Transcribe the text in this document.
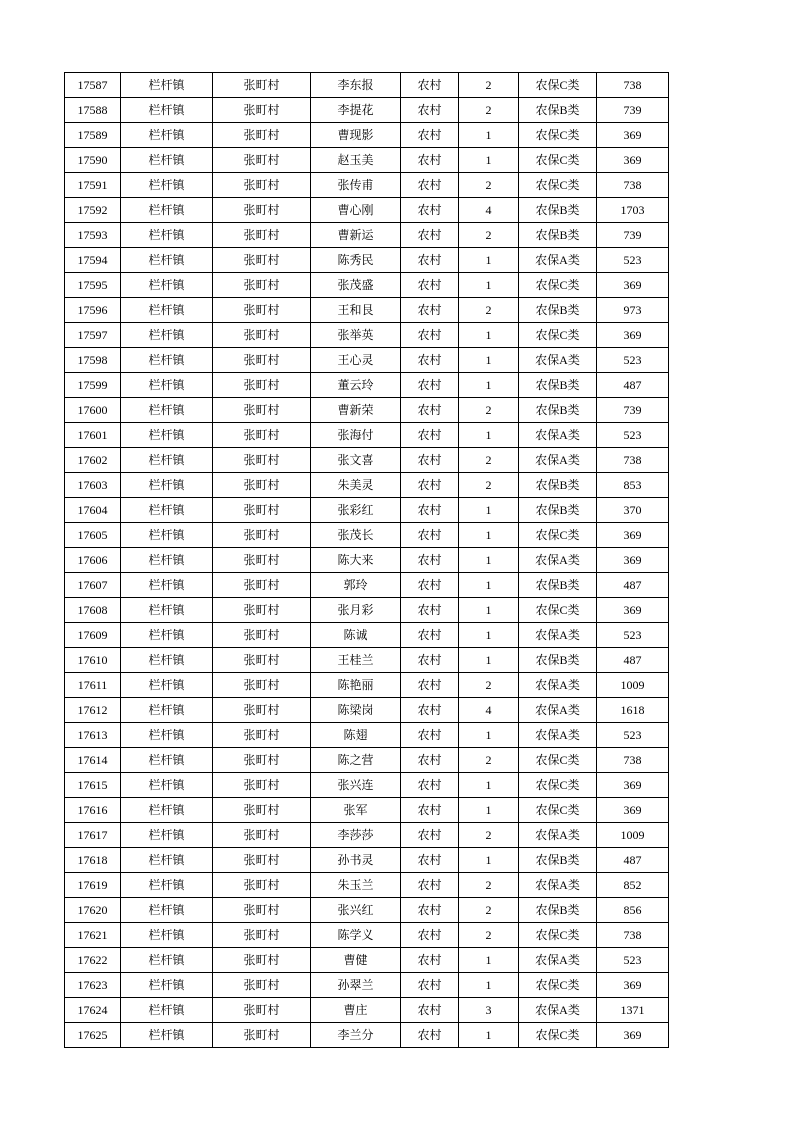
17587	栏杆镇	张町村	李东报	农村	2	农保C类	738
17588	栏杆镇	张町村	李提花	农村	2	农保B类	739
17589	栏杆镇	张町村	曹现影	农村	1	农保C类	369
17590	栏杆镇	张町村	赵玉美	农村	1	农保C类	369
17591	栏杆镇	张町村	张传甫	农村	2	农保C类	738
17592	栏杆镇	张町村	曹心刚	农村	4	农保B类	1703
17593	栏杆镇	张町村	曹新运	农村	2	农保B类	739
17594	栏杆镇	张町村	陈秀民	农村	1	农保A类	523
17595	栏杆镇	张町村	张茂盛	农村	1	农保C类	369
17596	栏杆镇	张町村	王和艮	农村	2	农保B类	973
17597	栏杆镇	张町村	张举英	农村	1	农保C类	369
17598	栏杆镇	张町村	王心灵	农村	1	农保A类	523
17599	栏杆镇	张町村	董云玲	农村	1	农保B类	487
17600	栏杆镇	张町村	曹新荣	农村	2	农保B类	739
17601	栏杆镇	张町村	张海付	农村	1	农保A类	523
17602	栏杆镇	张町村	张文喜	农村	2	农保A类	738
17603	栏杆镇	张町村	朱美灵	农村	2	农保B类	853
17604	栏杆镇	张町村	张彩红	农村	1	农保B类	370
17605	栏杆镇	张町村	张茂长	农村	1	农保C类	369
17606	栏杆镇	张町村	陈大来	农村	1	农保A类	369
17607	栏杆镇	张町村	郭玲	农村	1	农保B类	487
17608	栏杆镇	张町村	张月彩	农村	1	农保C类	369
17609	栏杆镇	张町村	陈诚	农村	1	农保A类	523
17610	栏杆镇	张町村	王桂兰	农村	1	农保B类	487
17611	栏杆镇	张町村	陈艳丽	农村	2	农保A类	1009
17612	栏杆镇	张町村	陈梁岗	农村	4	农保A类	1618
17613	栏杆镇	张町村	陈翅	农村	1	农保A类	523
17614	栏杆镇	张町村	陈之营	农村	2	农保C类	738
17615	栏杆镇	张町村	张兴连	农村	1	农保C类	369
17616	栏杆镇	张町村	张军	农村	1	农保C类	369
17617	栏杆镇	张町村	李莎莎	农村	2	农保A类	1009
17618	栏杆镇	张町村	孙书灵	农村	1	农保B类	487
17619	栏杆镇	张町村	朱玉兰	农村	2	农保A类	852
17620	栏杆镇	张町村	张兴红	农村	2	农保B类	856
17621	栏杆镇	张町村	陈学义	农村	2	农保C类	738
17622	栏杆镇	张町村	曹健	农村	1	农保A类	523
17623	栏杆镇	张町村	孙翠兰	农村	1	农保C类	369
17624	栏杆镇	张町村	曹庄	农村	3	农保A类	1371
17625	栏杆镇	张町村	李兰分	农村	1	农保C类	369
